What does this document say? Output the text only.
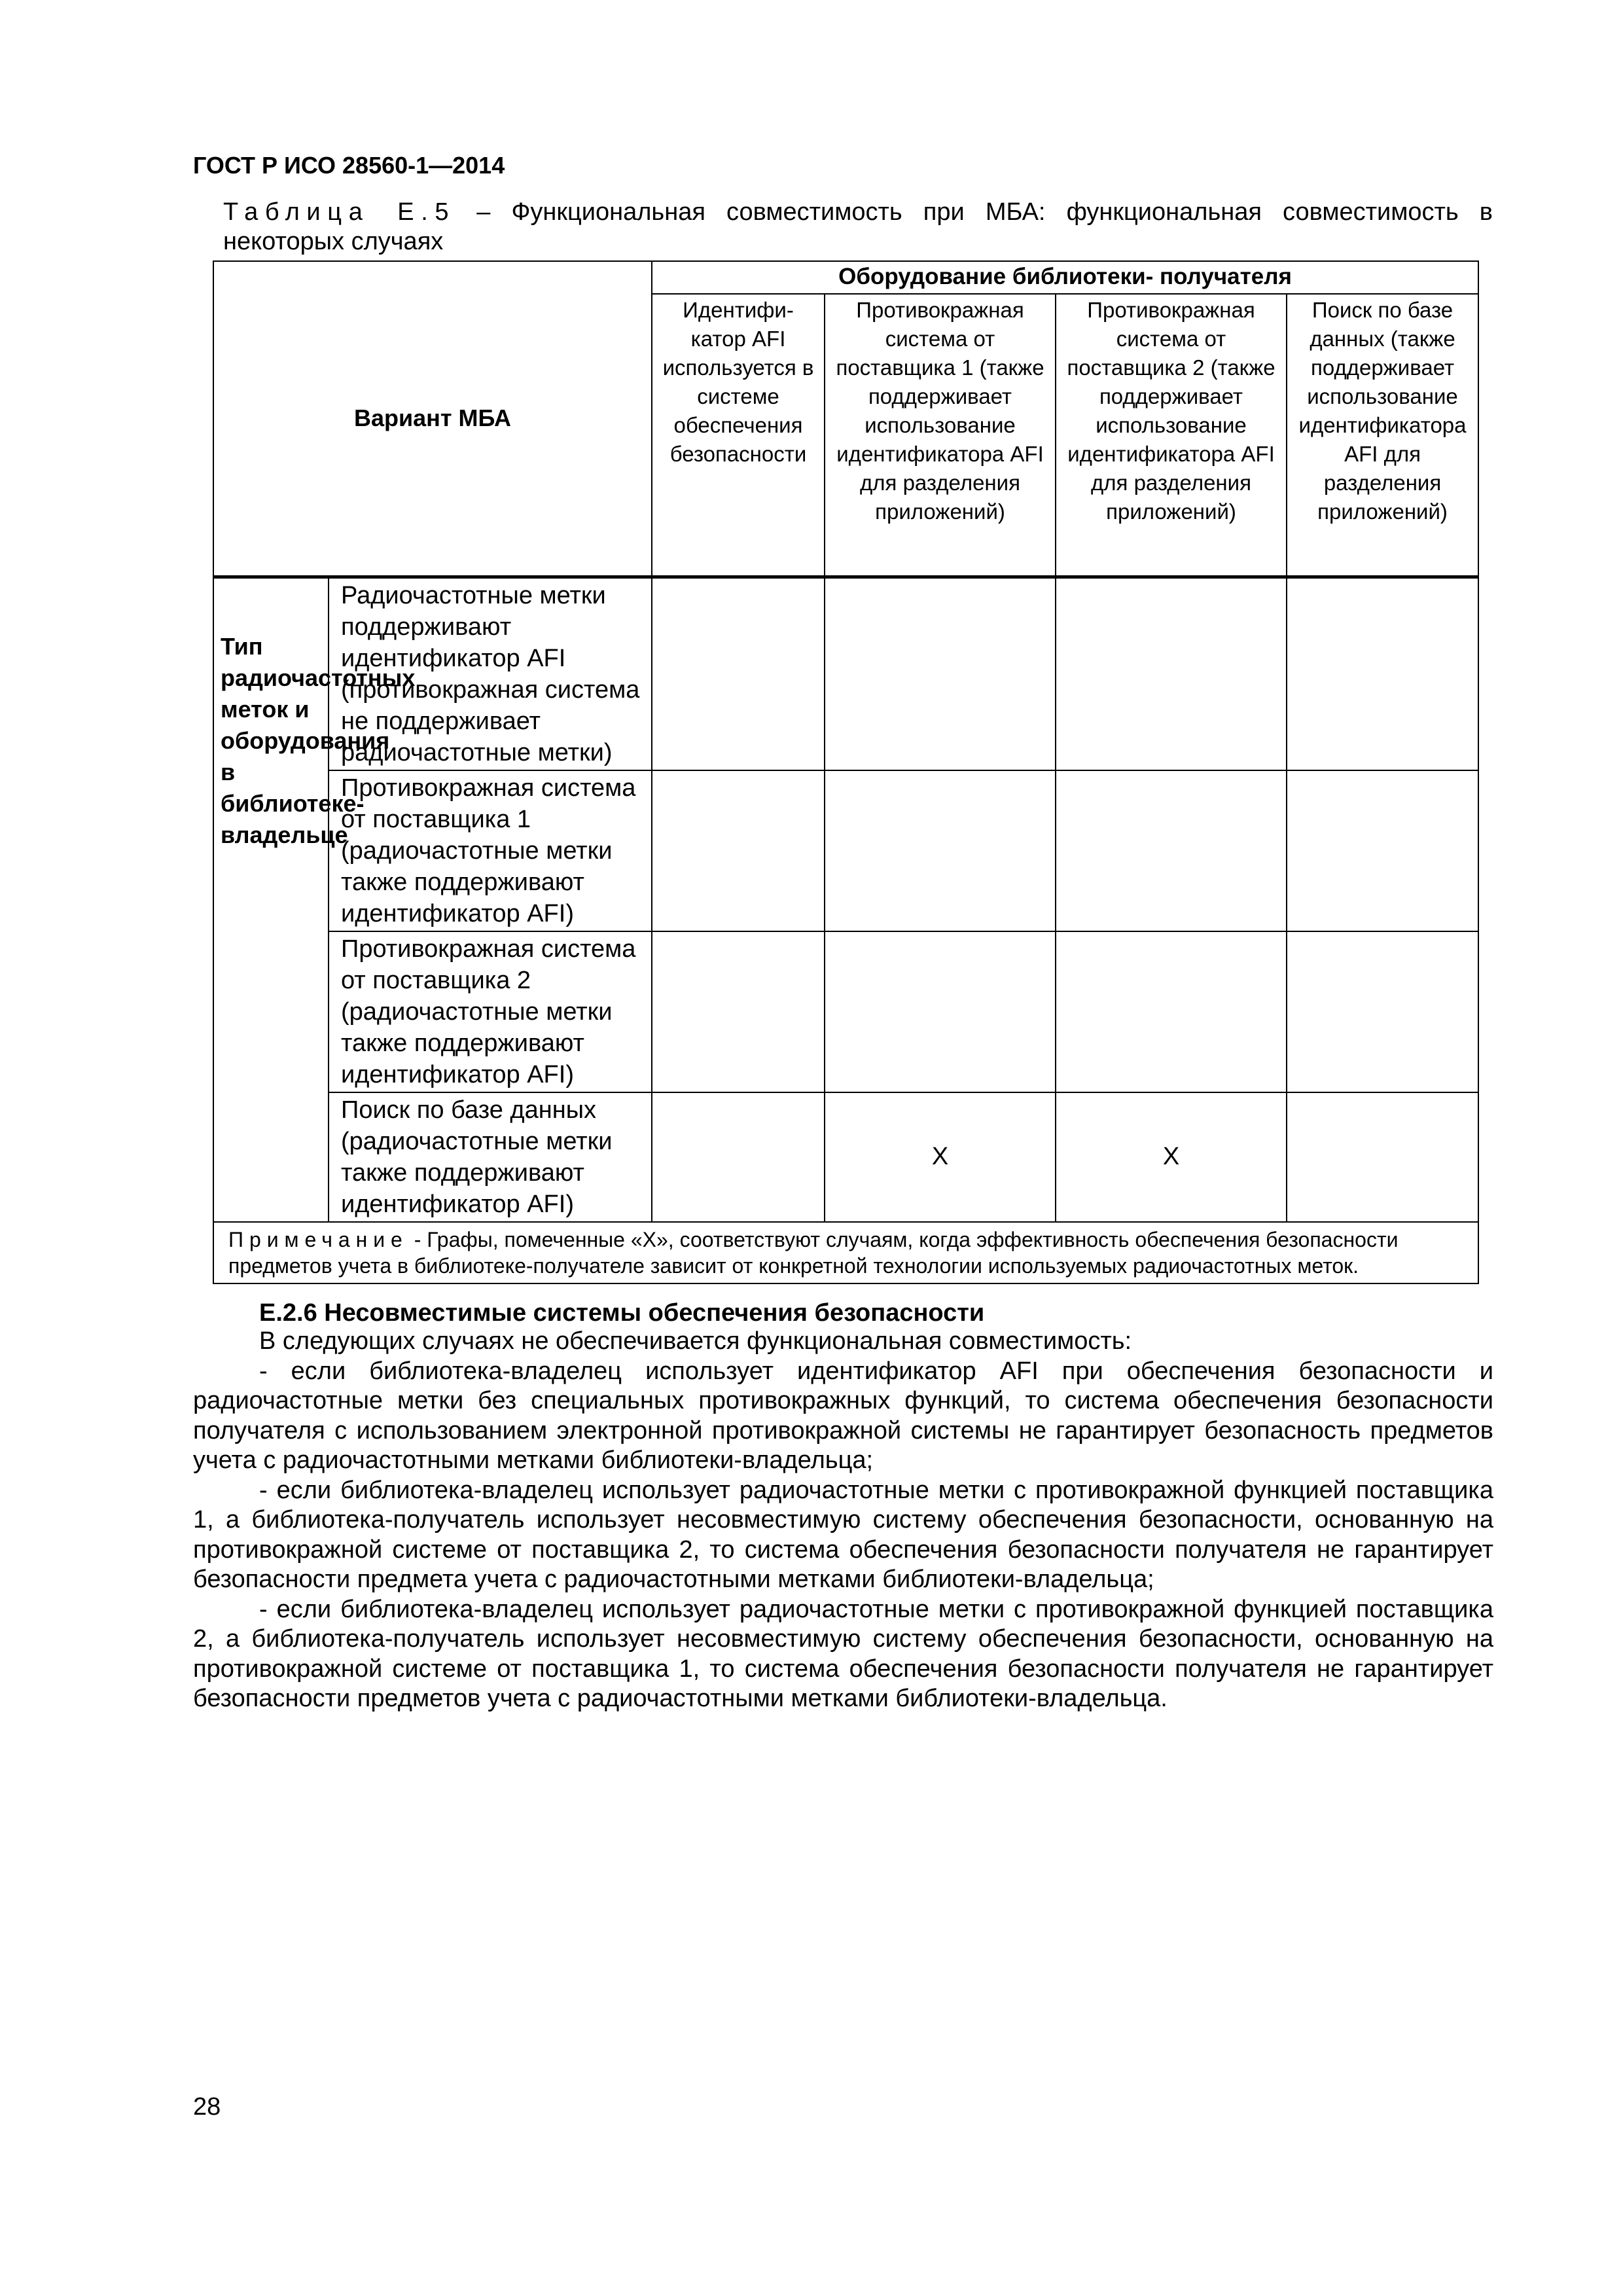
ГОСТ Р ИСО 28560-1—2014
Таблица Е.5 – Функциональная совместимость при МБА: функциональная совместимость в некоторых случаях
Вариант МБА		Оборудование библиотеки- получателя			
		Идентифи-катор AFI используется в системе обеспечения безопасности	Противокражная система от поставщика 1 (также поддерживает использование идентификатора AFI для разделения приложений)	Противокражная система от поставщика 2 (также поддерживает использование идентификатора AFI для разделения приложений)	Поиск по базе данных (также поддерживает использование идентификатора AFI для разделения приложений)
Тип радиочастотных меток и оборудования в библиотеке-владельце	Радиочастотные метки поддерживают идентификатор AFI (противокражная система не поддерживает радиочастотные метки)				
	Противокражная система от поставщика 1 (радиочастотные метки также поддерживают идентификатор AFI)				
	Противокражная система от поставщика 2 (радиочастотные метки также поддерживают идентификатор AFI)				
	Поиск по базе данных (радиочастотные метки также поддерживают идентификатор AFI)		Х	Х	
Примечание - Графы, помеченные «Х», соответствуют случаям, когда эффективность обеспечения безопасности предметов учета в библиотеке-получателе зависит от конкретной технологии используемых радиочастотных меток.					
Е.2.6 Несовместимые системы обеспечения безопасности

В следующих случаях не обеспечивается функциональная совместимость:

- если библиотека-владелец использует идентификатор AFI при обеспечения безопасности и радиочастотные метки без специальных противокражных функций, то система обеспечения безопасности получателя с использованием электронной противокражной системы не гарантирует безопасность предметов учета с радиочастотными метками библиотеки-владельца;

- если библиотека-владелец использует радиочастотные метки с противокражной функцией поставщика 1, а библиотека-получатель использует несовместимую систему обеспечения безопасности, основанную на противокражной системе от поставщика 2, то система обеспечения безопасности получателя не гарантирует безопасности предмета учета с радиочастотными метками библиотеки-владельца;

- если библиотека-владелец использует радиочастотные метки с противокражной функцией поставщика 2, а библиотека-получатель использует несовместимую систему обеспечения безопасности, основанную на противокражной системе от поставщика 1, то система обеспечения безопасности получателя не гарантирует безопасности предметов учета с радиочастотными метками библиотеки-владельца.

28
